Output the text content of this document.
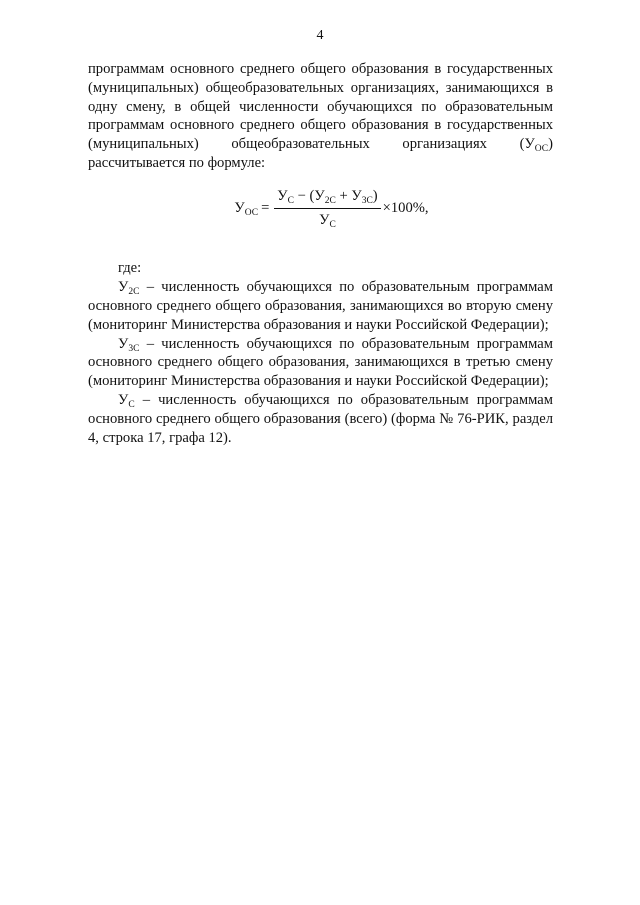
4

программам основного среднего общего образования в государственных (муниципальных) общеобразовательных организациях, занимающихся в одну смену, в общей численности обучающихся по образовательным программам основного среднего общего образования в государственных (муниципальных) общеобразовательных организациях $(У_{ОС})$ рассчитывается по формуле:

$У_{ОС} = \frac{У_С - (У_{2С} + У_{3С})}{У_С} \times 100\%$,

где:

$У_{2С}$ – численность обучающихся по образовательным программам основного среднего общего образования, занимающихся во вторую смену (мониторинг Министерства образования и науки Российской Федерации);

$У_{3С}$ – численность обучающихся по образовательным программам основного среднего общего образования, занимающихся в третью смену (мониторинг Министерства образования и науки Российской Федерации);

$У_С$ – численность обучающихся по образовательным программам основного среднего общего образования (всего) (форма № 76-РИК, раздел 4, строка 17, графа 12).
